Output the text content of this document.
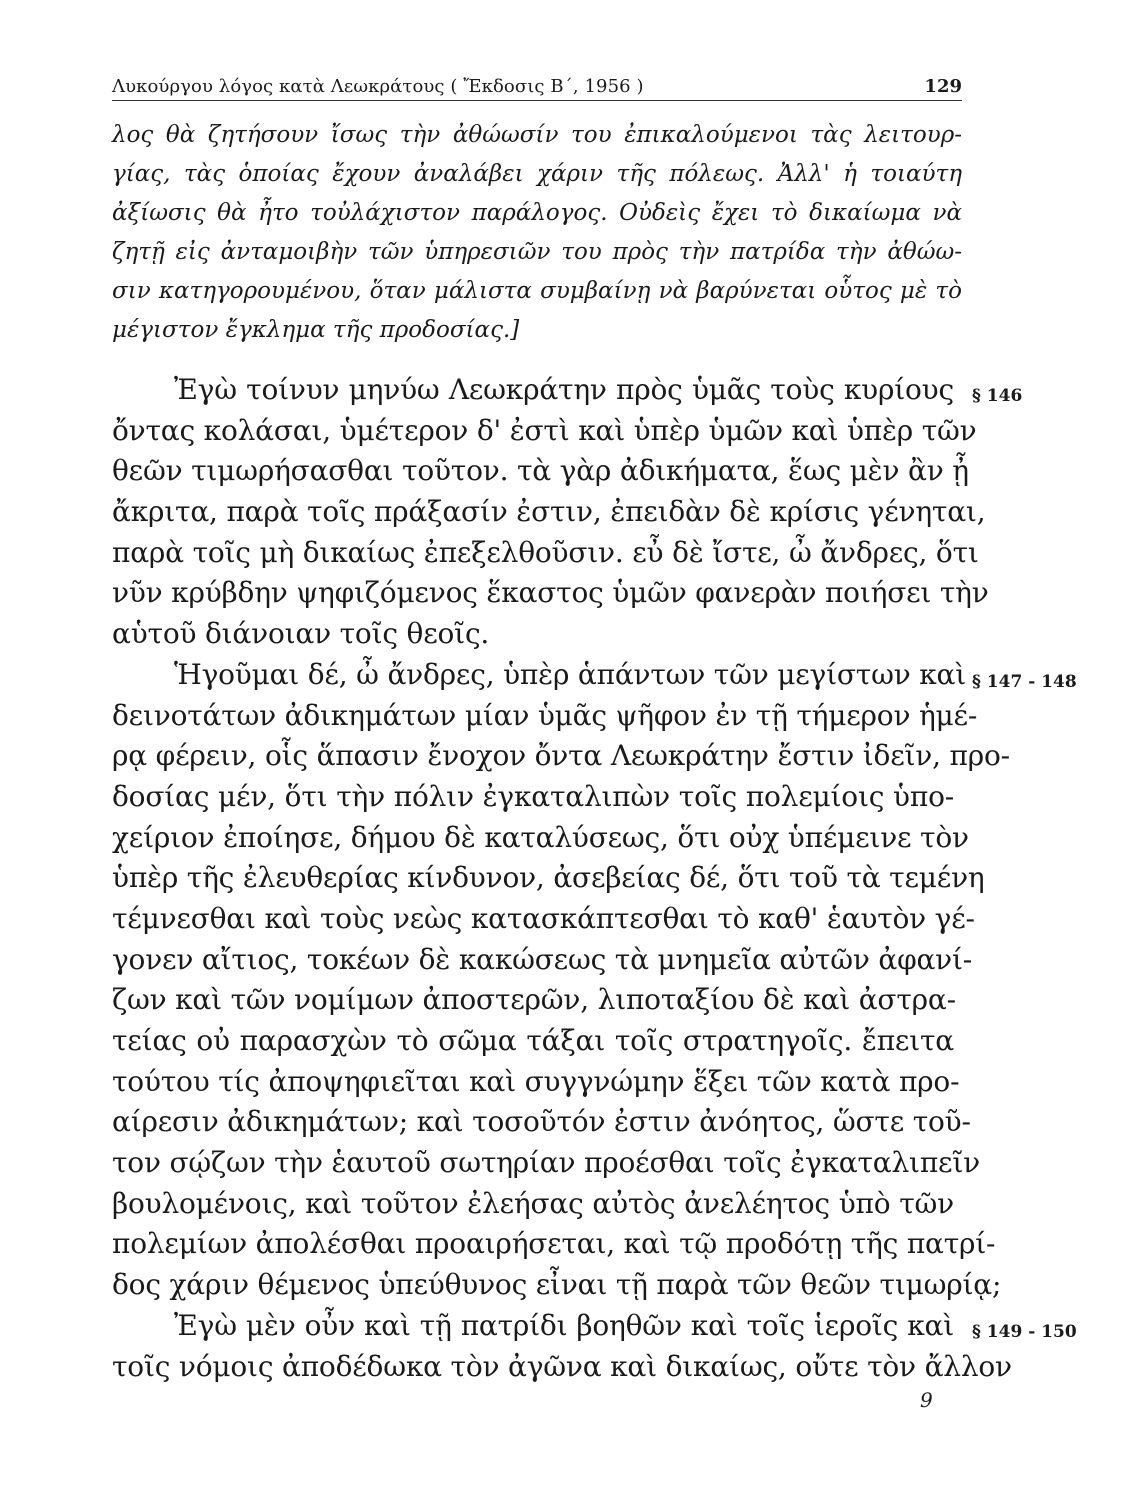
Λυκούργου λόγος κατὰ Λεωκράτους ( Ἔκδοσις Β΄, 1956 )	129
λος θὰ ζητήσουν ἴσως τὴν ἀθώωσίν του ἐπικαλούμενοι τὰς λειτουρ-
γίας, τὰς ὁποίας ἔχουν ἀναλάβει χάριν τῆς πόλεως. Ἀλλ' ἡ τοιαύτη
ἀξίωσις θὰ ἦτο τοὐλάχιστον παράλογος. Οὐδεὶς ἔχει τὸ δικαίωμα νὰ
ζητῇ εἰς ἀνταμοιβὴν τῶν ὑπηρεσιῶν του πρὸς τὴν πατρίδα τὴν ἀθώω-
σιν κατηγορουμένου, ὅταν μάλιστα συμβαίνῃ νὰ βαρύνεται οὗτος μὲ τὸ
μέγιστον ἔγκλημα τῆς προδοσίας.]
Ἐγὼ τοίνυν μηνύω Λεωκράτην πρὸς ὑμᾶς τοὺς κυρίους
ὄντας κολάσαι, ὑμέτερον δ' ἐστὶ καὶ ὑπὲρ ὑμῶν καὶ ὑπὲρ τῶν
θεῶν τιμωρήσασθαι τοῦτον. τὰ γὰρ ἀδικήματα, ἕως μὲν ἂν ᾖ
ἄκριτα, παρὰ τοῖς πράξασίν ἐστιν, ἐπειδὰν δὲ κρίσις γένηται,
παρὰ τοῖς μὴ δικαίως ἐπεξελθοῦσιν. εὖ δὲ ἴστε, ὦ ἄνδρες, ὅτι
νῦν κρύβδην ψηφιζόμενος ἕκαστος ὑμῶν φανερὰν ποιήσει τὴν
αὑτοῦ διάνοιαν τοῖς θεοῖς.
Ἡγοῦμαι δέ, ὦ ἄνδρες, ὑπὲρ ἁπάντων τῶν μεγίστων καὶ
δεινοτάτων ἀδικημάτων μίαν ὑμᾶς ψῆφον ἐν τῇ τήμερον ἡμέ-
ρᾳ φέρειν, οἷς ἅπασιν ἔνοχον ὄντα Λεωκράτην ἔστιν ἰδεῖν, προ-
δοσίας μέν, ὅτι τὴν πόλιν ἐγκαταλιπὼν τοῖς πολεμίοις ὑπο-
χείριον ἐποίησε, δήμου δὲ καταλύσεως, ὅτι οὐχ ὑπέμεινε τὸν
ὑπὲρ τῆς ἐλευθερίας κίνδυνον, ἀσεβείας δέ, ὅτι τοῦ τὰ τεμένη
τέμνεσθαι καὶ τοὺς νεὼς κατασκάπτεσθαι τὸ καθ' ἑαυτὸν γέ-
γονεν αἴτιος, τοκέων δὲ κακώσεως τὰ μνημεῖα αὐτῶν ἀφανί-
ζων καὶ τῶν νομίμων ἀποστερῶν, λιποταξίου δὲ καὶ ἀστρα-
τείας οὐ παρασχὼν τὸ σῶμα τάξαι τοῖς στρατηγοῖς. ἔπειτα
τούτου τίς ἀποψηφιεῖται καὶ συγγνώμην ἕξει τῶν κατὰ προ-
αίρεσιν ἀδικημάτων; καὶ τοσοῦτόν ἐστιν ἀνόητος, ὥστε τοῦ-
τον σῴζων τὴν ἑαυτοῦ σωτηρίαν προέσθαι τοῖς ἐγκαταλιπεῖν
βουλομένοις, καὶ τοῦτον ἐλεήσας αὐτὸς ἀνελέητος ὑπὸ τῶν
πολεμίων ἀπολέσθαι προαιρήσεται, καὶ τῷ προδότῃ τῆς πατρί-
δος χάριν θέμενος ὑπεύθυνος εἶναι τῇ παρὰ τῶν θεῶν τιμωρίᾳ;
Ἐγὼ μὲν οὖν καὶ τῇ πατρίδι βοηθῶν καὶ τοῖς ἱεροῖς καὶ
τοῖς νόμοις ἀποδέδωκα τὸν ἀγῶνα καὶ δικαίως, οὔτε τὸν ἄλλον
§ 146
§ 147 - 148
§ 149 - 150
9
